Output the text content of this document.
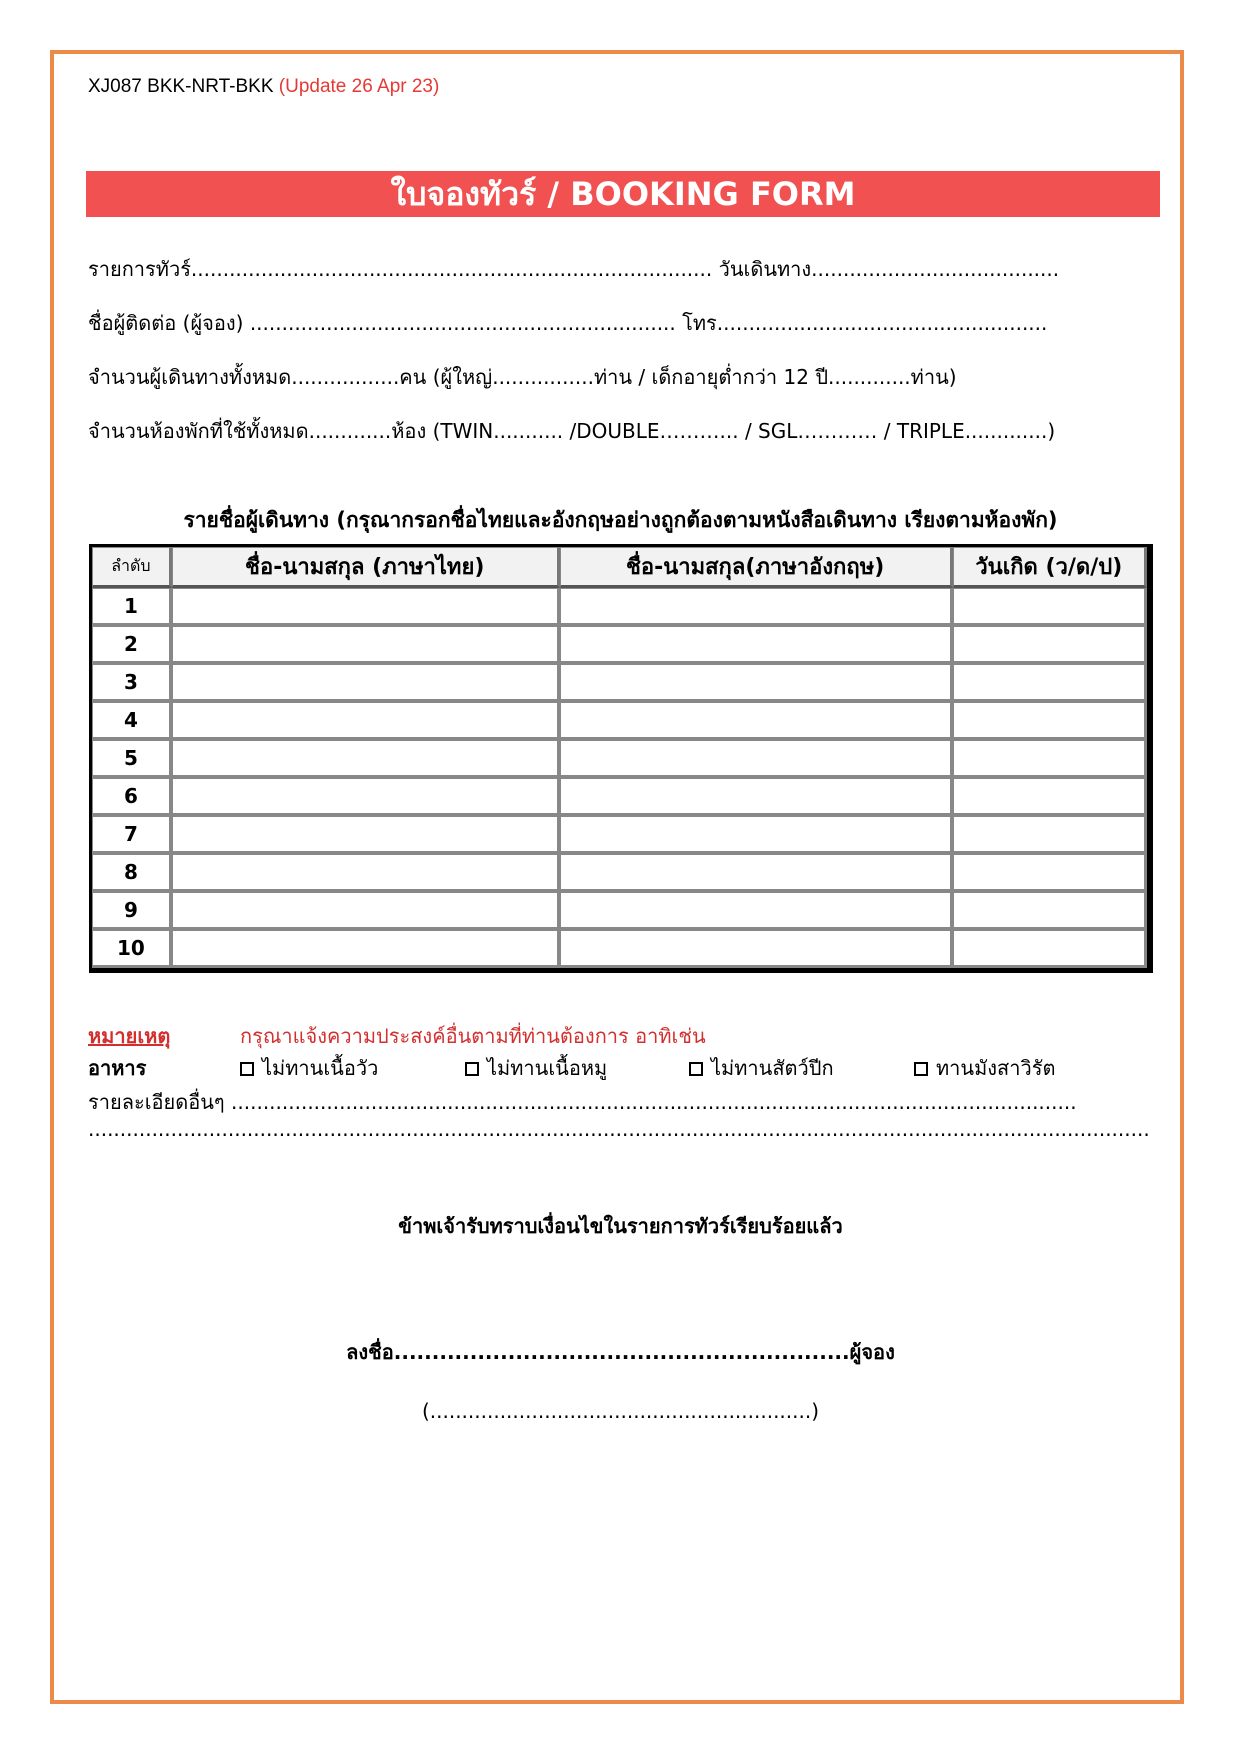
XJ087 BKK-NRT-BKK (Update 26 Apr 23)
ใบจองทัวร์ / BOOKING FORM
รายการทัวร์.................................................................................. วันเดินทาง.......................................
ชื่อผู้ติดต่อ (ผู้จอง) ................................................................... โทร....................................................
จำนวนผู้เดินทางทั้งหมด.................คน (ผู้ใหญ่................ท่าน / เด็กอายุต่ำกว่า 12 ปี.............ท่าน)
จำนวนห้องพักที่ใช้ทั้งหมด.............ห้อง (TWIN........... /DOUBLE………... / SGL………… / TRIPLE.............)
รายชื่อผู้เดินทาง (กรุณากรอกชื่อไทยและอังกฤษอย่างถูกต้องตามหนังสือเดินทาง เรียงตามห้องพัก)
ลำดับ	ชื่อ-นามสกุล (ภาษาไทย)	ชื่อ-นามสกุล(ภาษาอังกฤษ)	วันเกิด (ว/ด/ป)
1			
2			
3			
4			
5			
6			
7			
8			
9			
10			
หมายเหตุ	กรุณาแจ้งความประสงค์อื่นตามที่ท่านต้องการ อาทิเช่น
อาหาร	ไม่ทานเนื้อวัว	ไม่ทานเนื้อหมู	ไม่ทานสัตว์ปีก	ทานมังสาวิรัต
รายละเอียดอื่นๆ .....................................................................................................................................
.......................................................................................................................................................................
ข้าพเจ้ารับทราบเงื่อนไขในรายการทัวร์เรียบร้อยแล้ว
ลงชื่อ............................................................ผู้จอง
(............................................................)
